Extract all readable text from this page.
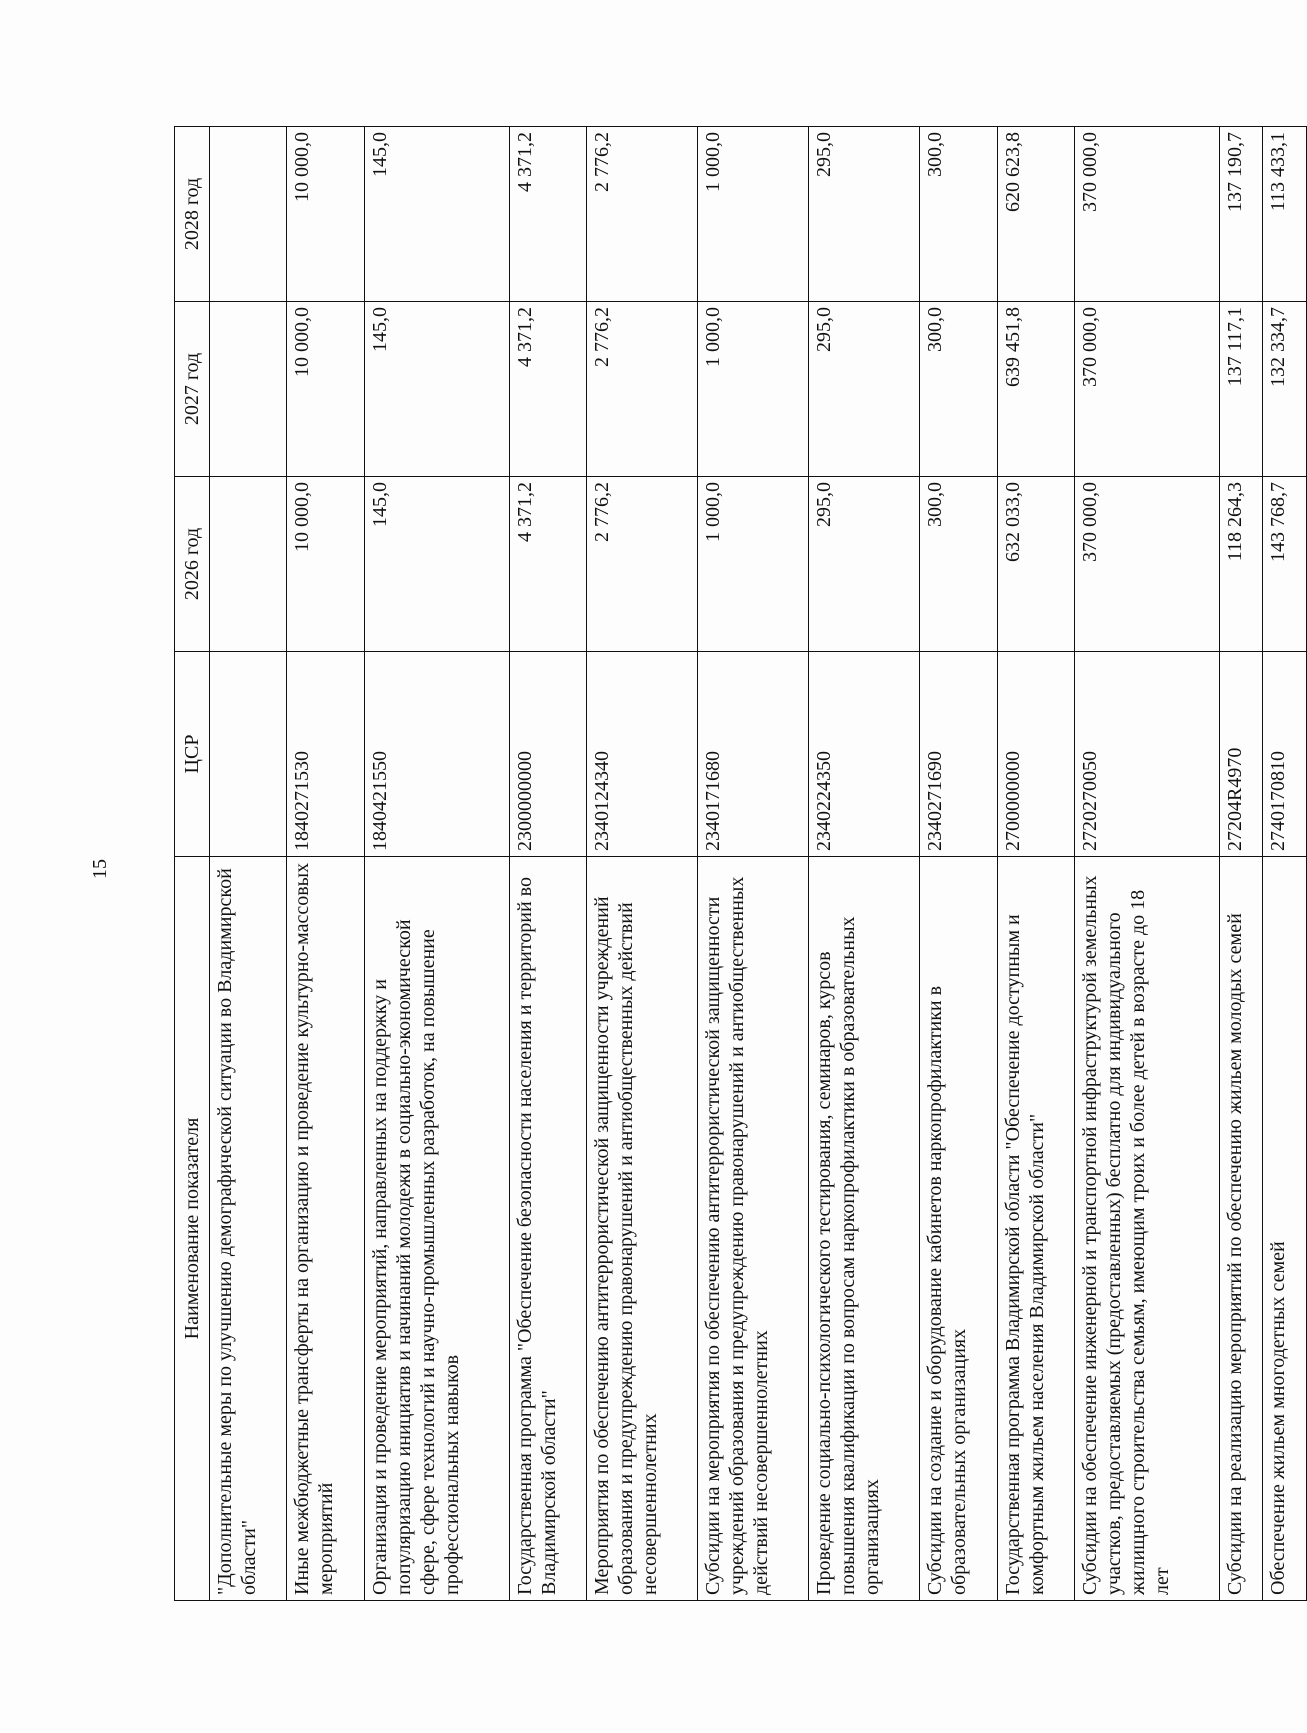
15
Наименование показателя	ЦСР	2026 год	2027 год	2028 год
"Дополнительные меры по улучшению демографической ситуации во Владимирской области"				
Иные межбюджетные трансферты на организацию и проведение культурно-массовых мероприятий	1840271530	10 000,0	10 000,0	10 000,0
Организация и проведение мероприятий, направленных на поддержку и популяризацию инициатив и начинаний молодежи в социально-экономической сфере, сфере технологий и научно-промышленных разработок, на повышение профессиональных навыков	1840421550	145,0	145,0	145,0
Государственная программа "Обеспечение безопасности населения и территорий во Владимирской области"	2300000000	4 371,2	4 371,2	4 371,2
Мероприятия по обеспечению антитеррористической защищенности учреждений образования и предупреждению правонарушений и антиобщественных действий несовершеннолетних	2340124340	2 776,2	2 776,2	2 776,2
Субсидии на мероприятия по обеспечению антитеррористической защищенности учреждений образования и предупреждению правонарушений и антиобщественных действий несовершеннолетних	2340171680	1 000,0	1 000,0	1 000,0
Проведение социально-психологического тестирования, семинаров, курсов повышения квалификации по вопросам наркопрофилактики в образовательных организациях	2340224350	295,0	295,0	295,0
Субсидии на создание и оборудование кабинетов наркопрофилактики в образовательных организациях	2340271690	300,0	300,0	300,0
Государственная программа Владимирской области "Обеспечение доступным и комфортным жильем населения Владимирской области"	2700000000	632 033,0	639 451,8	620 623,8
Субсидии на обеспечение инженерной и транспортной инфраструктурой земельных участков, предоставляемых (предоставленных) бесплатно для индивидуального жилищного строительства семьям, имеющим троих и более детей в возрасте до 18 лет	2720270050	370 000,0	370 000,0	370 000,0
Субсидии на реализацию мероприятий по обеспечению жильем молодых семей	27204R4970	118 264,3	137 117,1	137 190,7
Обеспечение жильем многодетных семей	2740170810	143 768,7	132 334,7	113 433,1
